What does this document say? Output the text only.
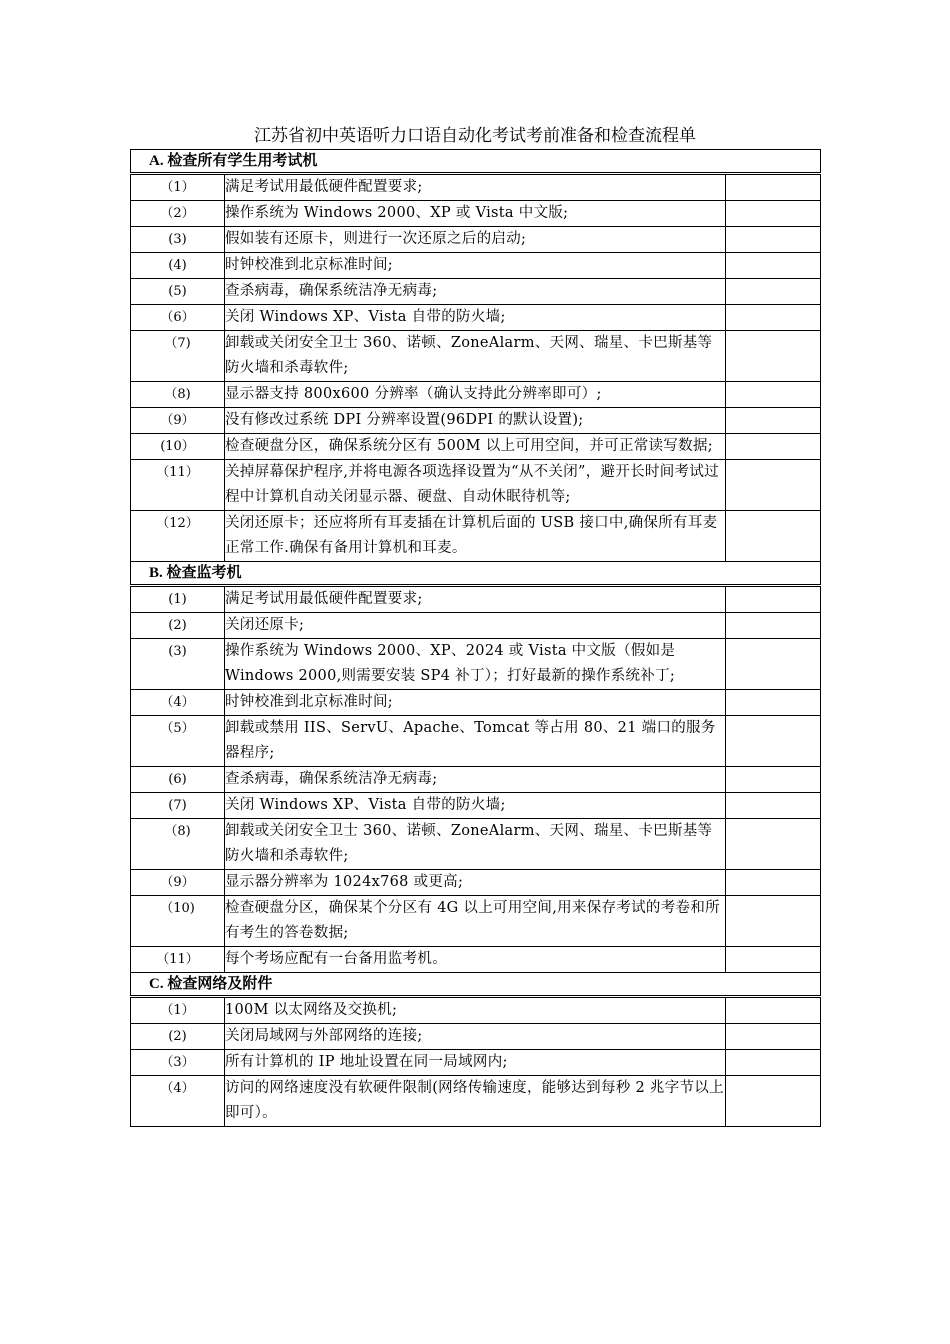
江苏省初中英语听力口语自动化考试考前准备和检查流程单
A. 检查所有学生用考试机		
（1）	满足考试用最低硬件配置要求;	
（2）	操作系统为 Windows 2000、XP 或 Vista 中文版;	
(3)	假如装有还原卡，则进行一次还原之后的启动;	
(4)	时钟校准到北京标准时间;	
(5)	查杀病毒，确保系统洁净无病毒;	
（6）	关闭 Windows XP、Vista 自带的防火墙;	
（7)	卸载或关闭安全卫士 360、诺顿、ZoneAlarm、天网、瑞星、卡巴斯基等防火墙和杀毒软件;	
（8)	显示器支持 800x600 分辨率（确认支持此分辨率即可）;	
（9）	没有修改过系统 DPI 分辨率设置(96DPI 的默认设置);	
(10）	检查硬盘分区，确保系统分区有 500M 以上可用空间，并可正常读写数据;	
（11）	关掉屏幕保护程序,并将电源各项选择设置为“从不关闭”，避开长时间考试过程中计算机自动关闭显示器、硬盘、自动休眠待机等;	
（12）	关闭还原卡；还应将所有耳麦插在计算机后面的 USB 接口中,确保所有耳麦正常工作.确保有备用计算机和耳麦。	
B. 检查监考机		
(1)	满足考试用最低硬件配置要求;	
(2)	关闭还原卡;	
(3)	操作系统为 Windows 2000、XP、2024 或 Vista 中文版（假如是 Windows 2000,则需要安装 SP4 补丁）；打好最新的操作系统补丁;	
（4）	时钟校准到北京标准时间;	
（5）	卸载或禁用 IIS、ServU、Apache、Tomcat 等占用 80、21 端口的服务器程序;	
(6)	查杀病毒，确保系统洁净无病毒;	
(7)	关闭 Windows XP、Vista 自带的防火墙;	
（8)	卸载或关闭安全卫士 360、诺顿、ZoneAlarm、天网、瑞星、卡巴斯基等防火墙和杀毒软件;	
（9）	显示器分辨率为 1024x768 或更高;	
（10)	检查硬盘分区，确保某个分区有 4G 以上可用空间,用来保存考试的考卷和所有考生的答卷数据;	
（11）	每个考场应配有一台备用监考机。	
C. 检查网络及附件		
（1）	100M 以太网络及交换机;	
(2)	关闭局域网与外部网络的连接;	
（3）	所有计算机的 IP 地址设置在同一局域网内;	
（4）	访问的网络速度没有软硬件限制(网络传输速度，能够达到每秒 2 兆字节以上即可）。	
